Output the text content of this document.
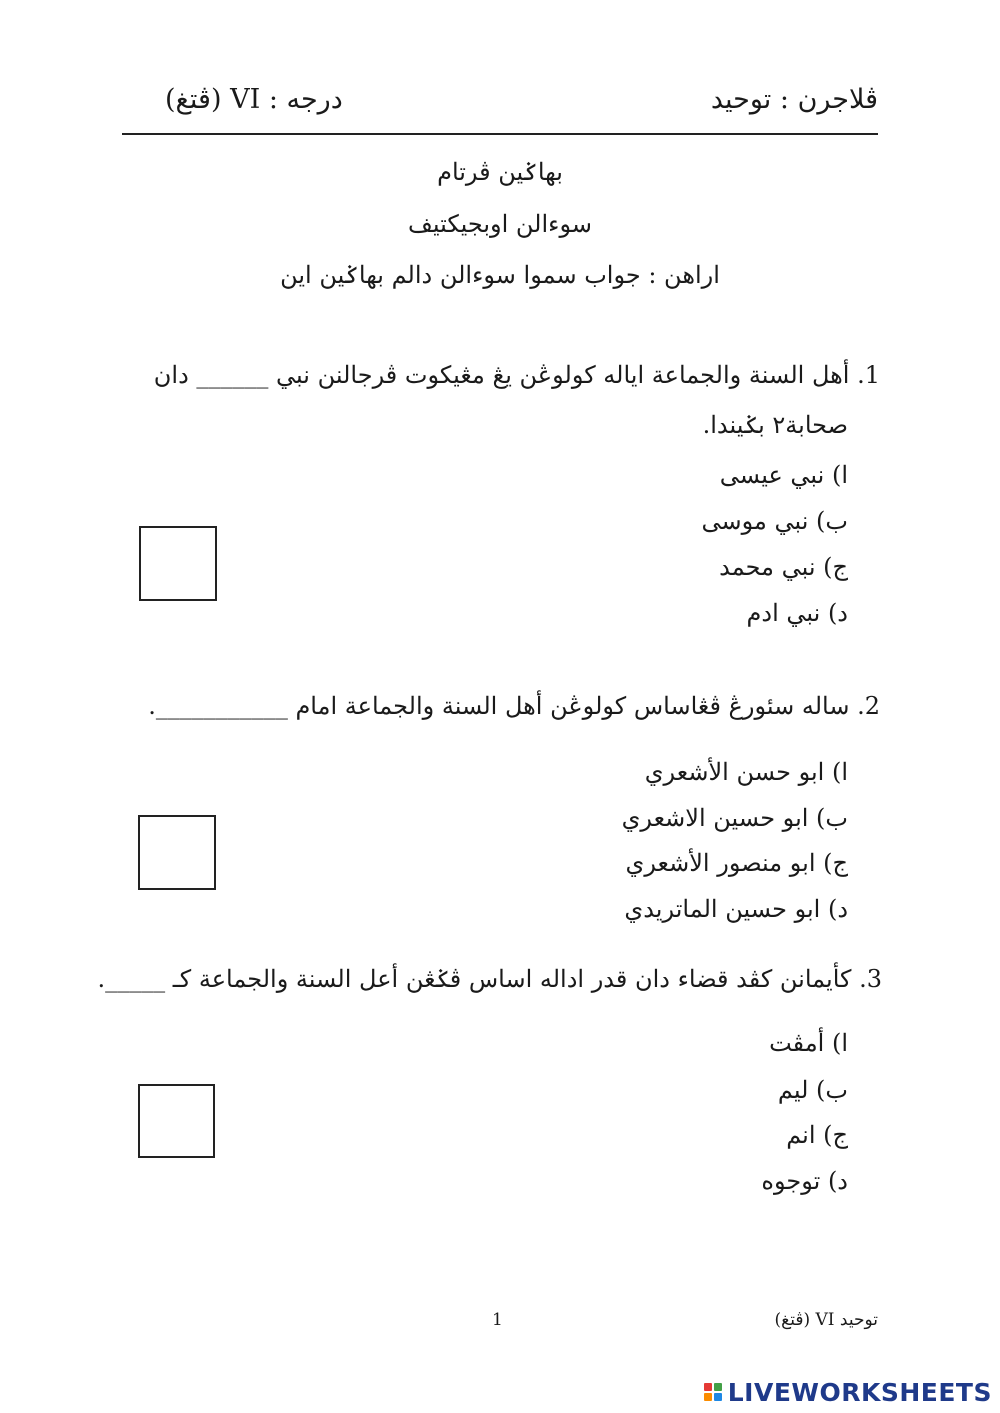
ڤلاجرن : توحيد
درجه : VI (ڤتغ)
بهاݢين ڤرتام
سوءالن اوبجيكتيف
اراهن : جواب سموا سوءالن دالم بهاݢين اين
1. أهل السنة والجماعة اياله كولوڠن يڠ مڠيكوت ڤرجالنن نبي ______ دان
صحابة٢ بݢيندا.
ا) نبي عيسى
ب) نبي موسى
ج) نبي محمد
د) نبي ادم
2. ساله سئورڠ ڤڠاساس كولوڠن أهل السنة والجماعة امام ___________.
ا) ابو حسن الأشعري
ب) ابو حسين الاشعري
ج) ابو منصور الأشعري
د) ابو حسين الماتريدي
3. كأيمانن كڤد قضاء دان قدر اداله اساس ڤݢڠن أعل السنة والجماعة كـ _____.
ا) أمڤت
ب) ليم
ج) انم
د) توجوه
1	توحيد VI (ڤتغ)
LIVEWORKSHEETS
